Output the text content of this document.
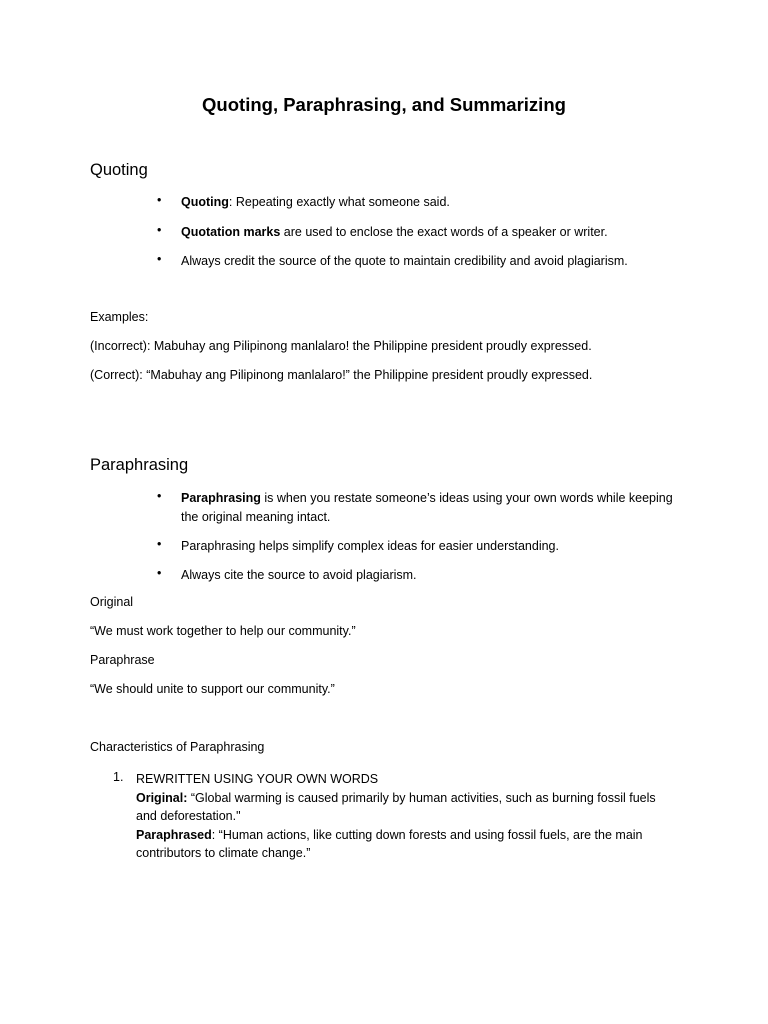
Quoting, Paraphrasing, and Summarizing
Quoting
• Quoting: Repeating exactly what someone said.
• Quotation marks are used to enclose the exact words of a speaker or writer.
• Always credit the source of the quote to maintain credibility and avoid plagiarism.
Examples:
(Incorrect): Mabuhay ang Pilipinong manlalaro! the Philippine president proudly expressed.
(Correct): “Mabuhay ang Pilipinong manlalaro!” the Philippine president proudly expressed.
Paraphrasing
• Paraphrasing is when you restate someone’s ideas using your own words while keeping the original meaning intact.
• Paraphrasing helps simplify complex ideas for easier understanding.
• Always cite the source to avoid plagiarism.
Original
“We must work together to help our community.”
Paraphrase
“We should unite to support our community.”
Characteristics of Paraphrasing
1. REWRITTEN USING YOUR OWN WORDS
Original: “Global warming is caused primarily by human activities, such as burning fossil fuels and deforestation."
Paraphrased: “Human actions, like cutting down forests and using fossil fuels, are the main contributors to climate change.”
